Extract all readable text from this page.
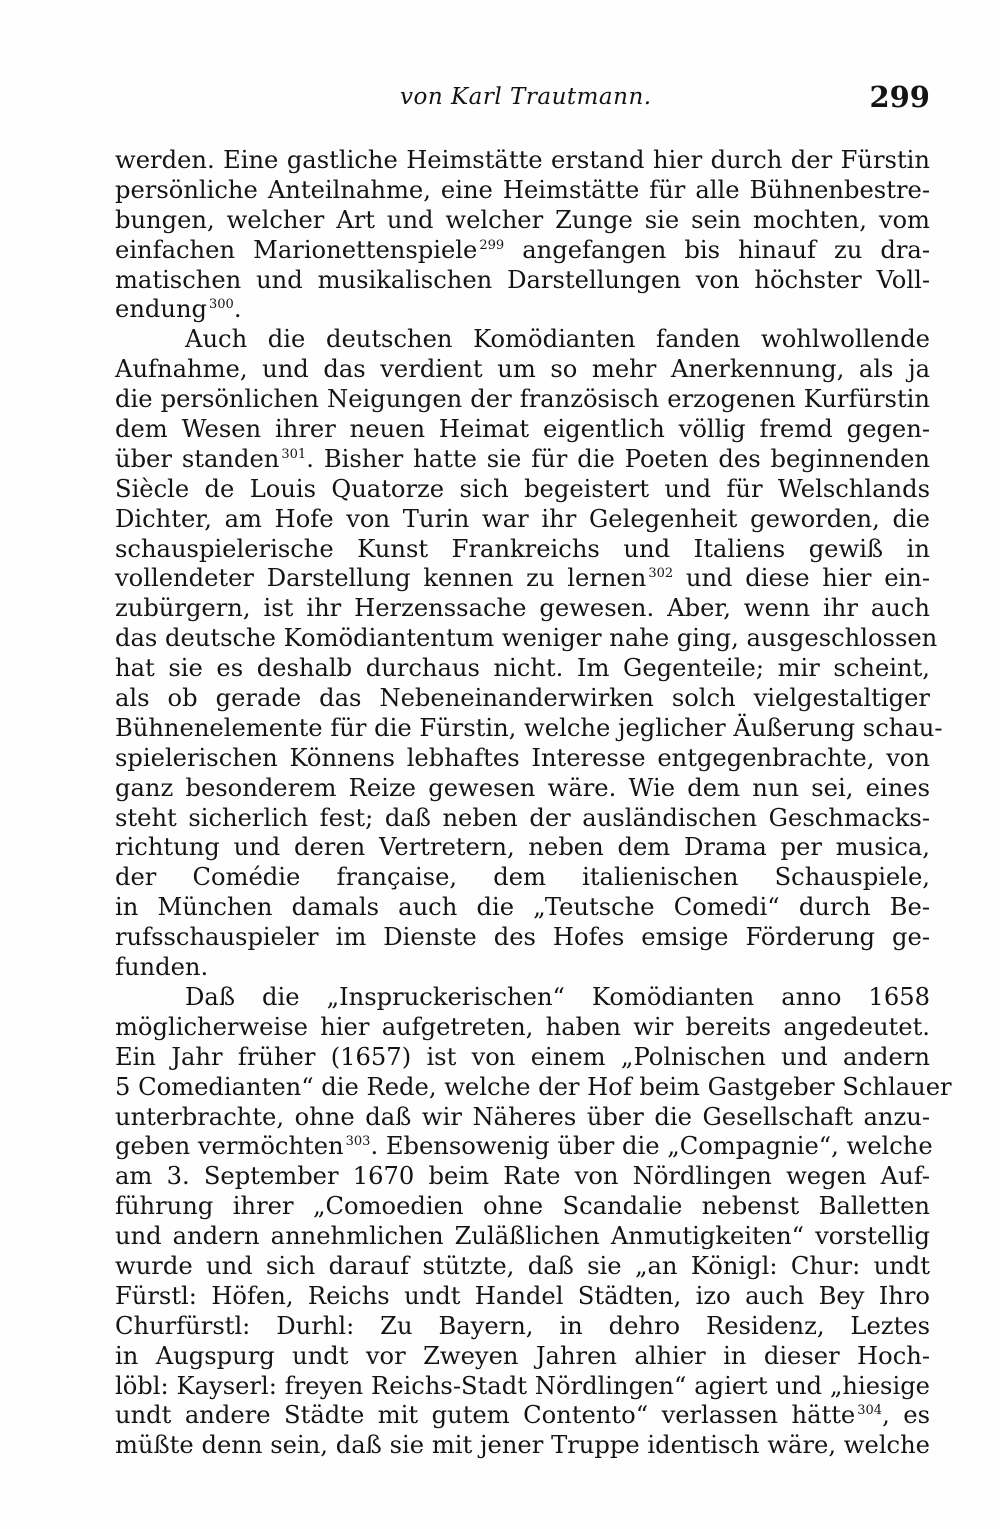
von Karl Trautmann.	299
werden. Eine gastliche Heimstätte erstand hier durch der Fürstin
persönliche Anteilnahme, eine Heimstätte für alle Bühnenbestre-
bungen, welcher Art und welcher Zunge sie sein mochten, vom
einfachen Marionettenspiele $^{299}$ angefangen bis hinauf zu dra-
matischen und musikalischen Darstellungen von höchster Voll-
endung $^{300}$.
Auch die deutschen Komödianten fanden wohlwollende
Aufnahme, und das verdient um so mehr Anerkennung, als ja
die persönlichen Neigungen der französisch erzogenen Kurfürstin
dem Wesen ihrer neuen Heimat eigentlich völlig fremd gegen-
über standen $^{301}$. Bisher hatte sie für die Poeten des beginnenden
Siècle de Louis Quatorze sich begeistert und für Welschlands
Dichter, am Hofe von Turin war ihr Gelegenheit geworden, die
schauspielerische Kunst Frankreichs und Italiens gewiß in
vollendeter Darstellung kennen zu lernen $^{302}$ und diese hier ein-
zubürgern, ist ihr Herzenssache gewesen. Aber, wenn ihr auch
das deutsche Komödiantentum weniger nahe ging, ausgeschlossen
hat sie es deshalb durchaus nicht. Im Gegenteile; mir scheint,
als ob gerade das Nebeneinanderwirken solch vielgestaltiger
Bühnenelemente für die Fürstin, welche jeglicher Äußerung schau-
spielerischen Könnens lebhaftes Interesse entgegenbrachte, von
ganz besonderem Reize gewesen wäre. Wie dem nun sei, eines
steht sicherlich fest; daß neben der ausländischen Geschmacks-
richtung und deren Vertretern, neben dem Drama per musica,
der Comédie française, dem italienischen Schauspiele,
in München damals auch die „Teutsche Comedi“ durch Be-
rufsschauspieler im Dienste des Hofes emsige Förderung ge-
funden.
Daß die „Inspruckerischen“ Komödianten anno 1658
möglicherweise hier aufgetreten, haben wir bereits angedeutet.
Ein Jahr früher (1657) ist von einem „Polnischen und andern
5 Comedianten“ die Rede, welche der Hof beim Gastgeber Schlauer
unterbrachte, ohne daß wir Näheres über die Gesellschaft anzu-
geben vermöchten $^{303}$. Ebensowenig über die „Compagnie“, welche
am 3. September 1670 beim Rate von Nördlingen wegen Auf-
führung ihrer „Comoedien ohne Scandalie nebenst Balletten
und andern annehmlichen Zuläßlichen Anmutigkeiten“ vorstellig
wurde und sich darauf stützte, daß sie „an Königl: Chur: undt
Fürstl: Höfen, Reichs undt Handel Städten, izo auch Bey Ihro
Churfürstl: Durhl: Zu Bayern, in dehro Residenz, Leztes
in Augspurg undt vor Zweyen Jahren alhier in dieser Hoch-
löbl: Kayserl: freyen Reichs-Stadt Nördlingen“ agiert und „hiesige
undt andere Städte mit gutem Contento“ verlassen hätte $^{304}$, es
müßte denn sein, daß sie mit jener Truppe identisch wäre, welche
